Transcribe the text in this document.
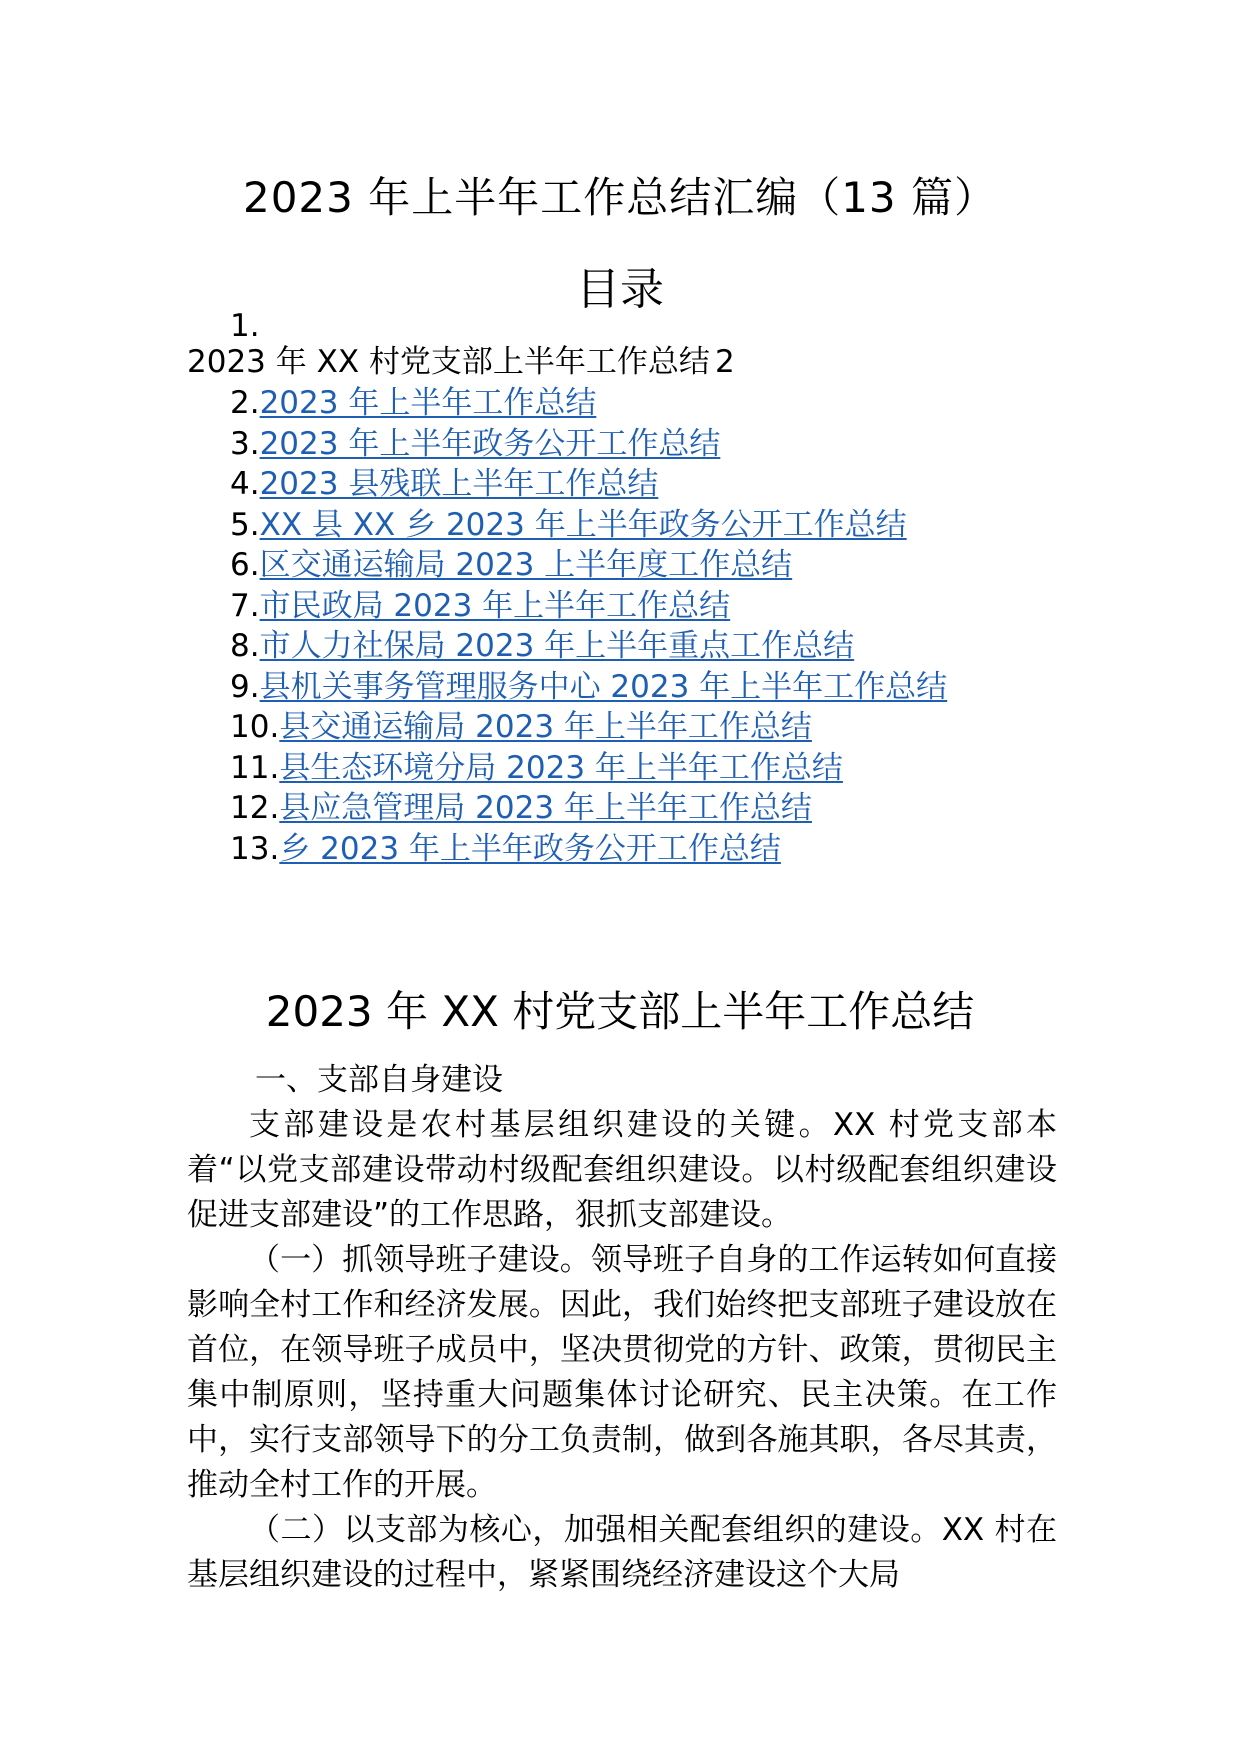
2023 年上半年工作总结汇编（13 篇）
目录
1.
2023 年 XX 村党支部上半年工作总结 2
2.2023 年上半年工作总结
3.2023 年上半年政务公开工作总结
4.2023 县残联上半年工作总结
5.XX 县 XX 乡 2023 年上半年政务公开工作总结
6.区交通运输局 2023 上半年度工作总结
7.市民政局 2023 年上半年工作总结
8.市人力社保局 2023 年上半年重点工作总结
9.县机关事务管理服务中心 2023 年上半年工作总结
10.县交通运输局 2023 年上半年工作总结
11.县生态环境分局 2023 年上半年工作总结
12.县应急管理局 2023 年上半年工作总结
13.乡 2023 年上半年政务公开工作总结
2023 年 XX 村党支部上半年工作总结

一、支部自身建设

支部建设是农村基层组织建设的关键。XX 村党支部本着“以党支部建设带动村级配套组织建设。以村级配套组织建设促进支部建设”的工作思路，狠抓支部建设。

（一）抓领导班子建设。领导班子自身的工作运转如何直接影响全村工作和经济发展。因此，我们始终把支部班子建设放在首位，在领导班子成员中，坚决贯彻党的方针、政策，贯彻民主集中制原则，坚持重大问题集体讨论研究、民主决策。在工作中，实行支部领导下的分工负责制，做到各施其职，各尽其责，推动全村工作的开展。

（二）以支部为核心，加强相关配套组织的建设。XX 村在基层组织建设的过程中，紧紧围绕经济建设这个大局
